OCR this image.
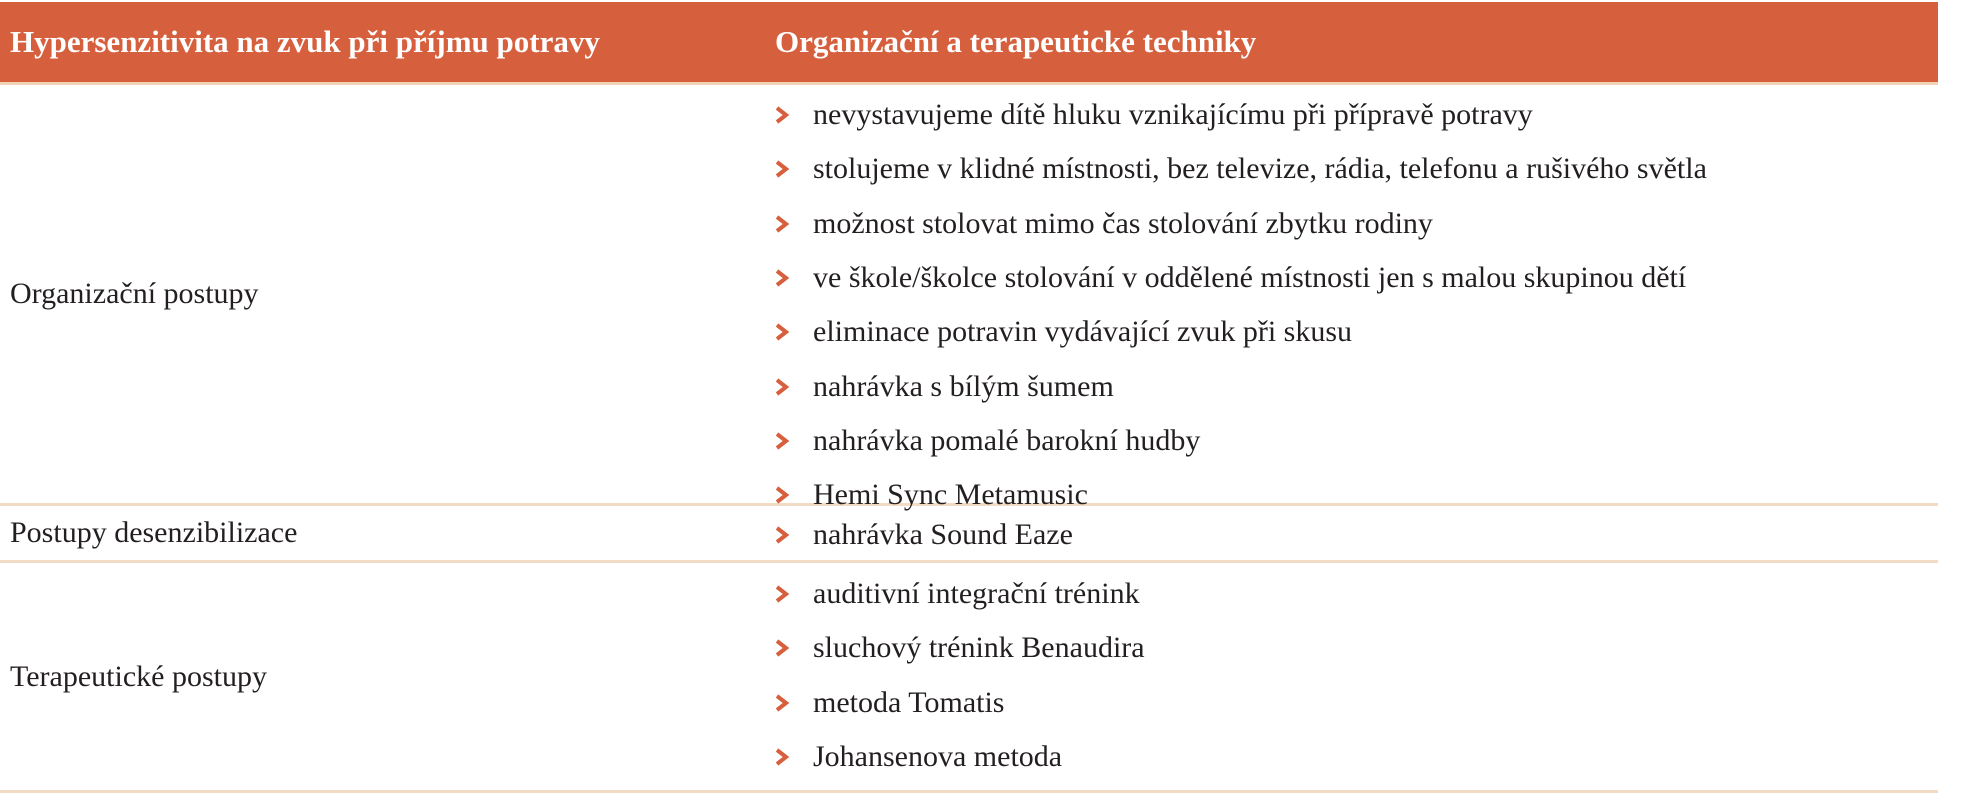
Hypersenzitivita na zvuk při příjmu potravy	Organizační a terapeutické techniky
Organizační postupy
nevystavujeme dítě hluku vznikajícímu při přípravě potravy
stolujeme v klidné místnosti, bez televize, rádia, telefonu a rušivého světla
možnost stolovat mimo čas stolování zbytku rodiny
ve škole/školce stolování v oddělené místnosti jen s malou skupinou dětí
eliminace potravin vydávající zvuk při skusu
nahrávka s bílým šumem
nahrávka pomalé barokní hudby
Hemi Sync Metamusic
Postupy desenzibilizace	nahrávka Sound Eaze
Terapeutické postupy
auditivní integrační trénink
sluchový trénink Benaudira
metoda Tomatis
Johansenova metoda
